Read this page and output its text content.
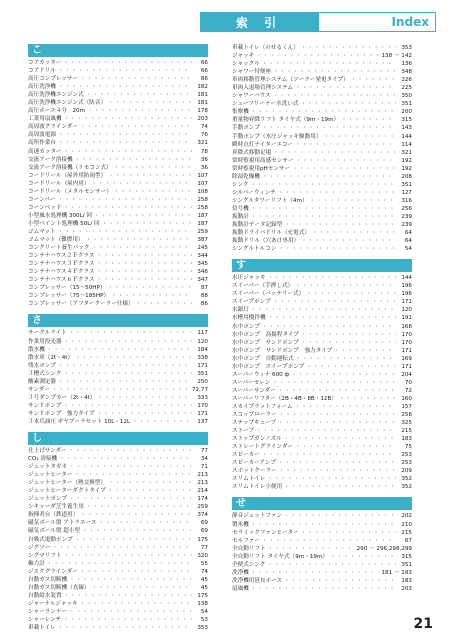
索 引	Index
こ
コアカッター ・・・・・・・・・・・・・・・・・・・・・・・・・・・・・・・・・・・・・・・・・・・・・・	66
コアドリル ・・・・・・・・・・・・・・・・・・・・・・・・・・・・・・・・・・・・・・・・・・・・・・	66
高圧コンプレッサー ・・・・・・・・・・・・・・・・・・・・・・・・・・・・・・・・・・・・・・・・・・・・・・	86
高圧洗浄機 ・・・・・・・・・・・・・・・・・・・・・・・・・・・・・・・・・・・・・・・・・・・・・・	182
高圧洗浄機エンジン式 ・・・・・・・・・・・・・・・・・・・・・・・・・・・・・・・・・・・・・・・・・・・・・・	181
高圧洗浄機エンジン式（防音） ・・・・・・・・・・・・・・・・・・・・・・・・・・・・・・・・・・・・・・・・・・・・・・	181
高圧ホース４分　20m ・・・・・・・・・・・・・・・・・・・・・・・・・・・・・・・・・・・・・・・・・・・・・・	178
工業用扇風機 ・・・・・・・・・・・・・・・・・・・・・・・・・・・・・・・・・・・・・・・・・・・・・・	203
高周波グラインダー ・・・・・・・・・・・・・・・・・・・・・・・・・・・・・・・・・・・・・・・・・・・・・・	74
高周波電源 ・・・・・・・・・・・・・・・・・・・・・・・・・・・・・・・・・・・・・・・・・・・・・・	76
高所作業台 ・・・・・・・・・・・・・・・・・・・・・・・・・・・・・・・・・・・・・・・・・・・・・・	321
高速カッター ・・・・・・・・・・・・・・・・・・・・・・・・・・・・・・・・・・・・・・・・・・・・・・	78
交流アーク溶接機 ・・・・・・・・・・・・・・・・・・・・・・・・・・・・・・・・・・・・・・・・・・・・・・	36
交流アーク溶接機（リモコン式） ・・・・・・・・・・・・・・・・・・・・・・・・・・・・・・・・・・・・・・・・・・・・・・	36
コードリール（屋外用防雨型） ・・・・・・・・・・・・・・・・・・・・・・・・・・・・・・・・・・・・・・・・・・・・・・	107
コードリール（屋内用） ・・・・・・・・・・・・・・・・・・・・・・・・・・・・・・・・・・・・・・・・・・・・・・	107
コードリール（メタルセンサー） ・・・・・・・・・・・・・・・・・・・・・・・・・・・・・・・・・・・・・・・・・・・・・・	108
コーンバー ・・・・・・・・・・・・・・・・・・・・・・・・・・・・・・・・・・・・・・・・・・・・・・	258
コーンベッド ・・・・・・・・・・・・・・・・・・・・・・・・・・・・・・・・・・・・・・・・・・・・・・	258
小型風水処理機 300L/ 回 ・・・・・・・・・・・・・・・・・・・・・・・・・・・・・・・・・・・・・・・・・・・・・・	187
小型ベイント処理機 50L/ 回 ・・・・・・・・・・・・・・・・・・・・・・・・・・・・・・・・・・・・・・・・・・・・・・	187
ゴムマット ・・・・・・・・・・・・・・・・・・・・・・・・・・・・・・・・・・・・・・・・・・・・・・	259
ゴムマット（難燃用） ・・・・・・・・・・・・・・・・・・・・・・・・・・・・・・・・・・・・・・・・・・・・・・	387
コンクリート養生バック ・・・・・・・・・・・・・・・・・・・・・・・・・・・・・・・・・・・・・・・・・・・・・・	245
コンテナハウス２Ｆクラス ・・・・・・・・・・・・・・・・・・・・・・・・・・・・・・・・・・・・・・・・・・・・・・	344
コンテナハウス３Ｆクラス ・・・・・・・・・・・・・・・・・・・・・・・・・・・・・・・・・・・・・・・・・・・・・・	345
コンテナハウス４Ｆクラス ・・・・・・・・・・・・・・・・・・・・・・・・・・・・・・・・・・・・・・・・・・・・・・	346
コンテナハウス６Ｆクラス ・・・・・・・・・・・・・・・・・・・・・・・・・・・・・・・・・・・・・・・・・・・・・・	347
コンプレッサー（15～50HP） ・・・・・・・・・・・・・・・・・・・・・・・・・・・・・・・・・・・・・・・・・・・・・・	87
コンプレッサー（75～185HP） ・・・・・・・・・・・・・・・・・・・・・・・・・・・・・・・・・・・・・・・・・・・・・・	88
コンプレッサー（アフタークーラー仕様） ・・・・・・・・・・・・・・・・・・・・・・・・・・・・・・・・・・・・・・・・・・・・・・	86
さ
サークルライト ・・・・・・・・・・・・・・・・・・・・・・・・・・・・・・・・・・・・・・・・・・・・・・	117
作業用投光器 ・・・・・・・・・・・・・・・・・・・・・・・・・・・・・・・・・・・・・・・・・・・・・・	120
散水機 ・・・・・・・・・・・・・・・・・・・・・・・・・・・・・・・・・・・・・・・・・・・・・・	184
散水車（2t・4t） ・・・・・・・・・・・・・・・・・・・・・・・・・・・・・・・・・・・・・・・・・・・・・・	338
残水ポンプ ・・・・・・・・・・・・・・・・・・・・・・・・・・・・・・・・・・・・・・・・・・・・・・	171
３槽式シンク ・・・・・・・・・・・・・・・・・・・・・・・・・・・・・・・・・・・・・・・・・・・・・・	351
酸素測定器 ・・・・・・・・・・・・・・・・・・・・・・・・・・・・・・・・・・・・・・・・・・・・・・	250
サンダー ・・・・・・・・・・・・・・・・・・・・・・・・・・・・・・・・・・・・・・・・・・・・・・	72,77
３号ダンプカー（2t・4t） ・・・・・・・・・・・・・・・・・・・・・・・・・・・・・・・・・・・・・・・・・・・・・・	333
サンドポンプ ・・・・・・・・・・・・・・・・・・・・・・・・・・・・・・・・・・・・・・・・・・・・・・	170
サンドポンプ　強力タイプ ・・・・・・・・・・・・・・・・・・・・・・・・・・・・・・・・・・・・・・・・・・・・・・	171
３本爪油圧 ギヤプーラセット 10L・12L ・・・・・・・・・・・・・・・・・・・・・・・・・・・・・・・・・・・・・・・・・・・・・・	137
し
仕上げサンダー ・・・・・・・・・・・・・・・・・・・・・・・・・・・・・・・・・・・・・・・・・・・・・・	77
CO₂ 溶接機 ・・・・・・・・・・・・・・・・・・・・・・・・・・・・・・・・・・・・・・・・・・・・・・	34
ジェットタガネ ・・・・・・・・・・・・・・・・・・・・・・・・・・・・・・・・・・・・・・・・・・・・・・	71
ジェットヒーター ・・・・・・・・・・・・・・・・・・・・・・・・・・・・・・・・・・・・・・・・・・・・・・	213
ジェットヒーター（熱交換型） ・・・・・・・・・・・・・・・・・・・・・・・・・・・・・・・・・・・・・・・・・・・・・・	213
ジェットヒーターダクトタイプ ・・・・・・・・・・・・・・・・・・・・・・・・・・・・・・・・・・・・・・・・・・・・・・	214
ジェットポンプ ・・・・・・・・・・・・・・・・・・・・・・・・・・・・・・・・・・・・・・・・・・・・・・	174
シキッーダ芝生養生用 ・・・・・・・・・・・・・・・・・・・・・・・・・・・・・・・・・・・・・・・・・・・・・・	259
指揮者台（鉄道用） ・・・・・・・・・・・・・・・・・・・・・・・・・・・・・・・・・・・・・・・・・・・・・・	374
磁気ボール盤 アトラエース ・・・・・・・・・・・・・・・・・・・・・・・・・・・・・・・・・・・・・・・・・・・・・・	69
磁気ボール盤 超小型 ・・・・・・・・・・・・・・・・・・・・・・・・・・・・・・・・・・・・・・・・・・・・・・	69
自吸式電動ポンプ ・・・・・・・・・・・・・・・・・・・・・・・・・・・・・・・・・・・・・・・・・・・・・・	175
ジグソー ・・・・・・・・・・・・・・・・・・・・・・・・・・・・・・・・・・・・・・・・・・・・・・	77
シグマリフト ・・・・・・・・・・・・・・・・・・・・・・・・・・・・・・・・・・・・・・・・・・・・・・	320
軸力計 ・・・・・・・・・・・・・・・・・・・・・・・・・・・・・・・・・・・・・・・・・・・・・・	55
ジスクグラインダー ・・・・・・・・・・・・・・・・・・・・・・・・・・・・・・・・・・・・・・・・・・・・・・	74
自動ガス切断機 ・・・・・・・・・・・・・・・・・・・・・・・・・・・・・・・・・・・・・・・・・・・・・・	45
自動ガス切断機（直線） ・・・・・・・・・・・・・・・・・・・・・・・・・・・・・・・・・・・・・・・・・・・・・・	45
自動給水装置 ・・・・・・・・・・・・・・・・・・・・・・・・・・・・・・・・・・・・・・・・・・・・・・	175
ジャーナルジャッキ ・・・・・・・・・・・・・・・・・・・・・・・・・・・・・・・・・・・・・・・・・・・・・・	138
シャーランナー ・・・・・・・・・・・・・・・・・・・・・・・・・・・・・・・・・・・・・・・・・・・・・・	54
シャーレンチ ・・・・・・・・・・・・・・・・・・・・・・・・・・・・・・・・・・・・・・・・・・・・・・	53
車載トイレ ・・・・・・・・・・・・・・・・・・・・・・・・・・・・・・・・・・・・・・・・・・・・・・	353
車載トイレ（のせるくん） ・・・・・・・・・・・・・・・・・・・・・・・・・・・・・・・・・・・・・・・・・・・・・・	353
ジャッキ ・・・・・・・・・・・・・・・・・・・・・・・・・・・・・・・・・・・・・・・・・・・・・・	138 ～ 142
シャックル ・・・・・・・・・・・・・・・・・・・・・・・・・・・・・・・・・・・・・・・・・・・・・・	136
シャワー付便座 ・・・・・・・・・・・・・・・・・・・・・・・・・・・・・・・・・・・・・・・・・・・・・・	348
車両移動管理システム（ソーラー発電タイプ） ・・・・・・・・・・・・・・・・・・・・・・・・・・・・・・・・・・・・・・・・・・・・・・	226
車両入退場管理システム ・・・・・・・・・・・・・・・・・・・・・・・・・・・・・・・・・・・・・・・・・・・・・・	225
シャワーハウス ・・・・・・・・・・・・・・・・・・・・・・・・・・・・・・・・・・・・・・・・・・・・・・	350
シューフリーナー水洗い式 ・・・・・・・・・・・・・・・・・・・・・・・・・・・・・・・・・・・・・・・・・・・・・・	351
集塵機 ・・・・・・・・・・・・・・・・・・・・・・・・・・・・・・・・・・・・・・・・・・・・・・	200
重量物昇降リフト タイヤ式（9m・19m） ・・・・・・・・・・・・・・・・・・・・・・・・・・・・・・・・・・・・・・・・・・・・・・	315
手動ポンプ ・・・・・・・・・・・・・・・・・・・・・・・・・・・・・・・・・・・・・・・・・・・・・・	143
手動ポンプ（水圧ジャッキ駆動用） ・・・・・・・・・・・・・・・・・・・・・・・・・・・・・・・・・・・・・・・・・・・・・・	144
瞬時点灯ナイターエコー ・・・・・・・・・・・・・・・・・・・・・・・・・・・・・・・・・・・・・・・・・・・・・・	114
昇降式移動足場 ・・・・・・・・・・・・・・・・・・・・・・・・・・・・・・・・・・・・・・・・・・・・・・	321
常時監視用高感センサー ・・・・・・・・・・・・・・・・・・・・・・・・・・・・・・・・・・・・・・・・・・・・・・	192
常時監視用pHセンサー ・・・・・・・・・・・・・・・・・・・・・・・・・・・・・・・・・・・・・・・・・・・・・・	192
除湿乾燥機 ・・・・・・・・・・・・・・・・・・・・・・・・・・・・・・・・・・・・・・・・・・・・・・	208
シンク ・・・・・・・・・・・・・・・・・・・・・・・・・・・・・・・・・・・・・・・・・・・・・・	351
シルバーウィンチ ・・・・・・・・・・・・・・・・・・・・・・・・・・・・・・・・・・・・・・・・・・・・・・	127
シングルタワーリフト（4m） ・・・・・・・・・・・・・・・・・・・・・・・・・・・・・・・・・・・・・・・・・・・・・・	316
信号機 ・・・・・・・・・・・・・・・・・・・・・・・・・・・・・・・・・・・・・・・・・・・・・・	256
振動計 ・・・・・・・・・・・・・・・・・・・・・・・・・・・・・・・・・・・・・・・・・・・・・・	239
振動計データ記録型 ・・・・・・・・・・・・・・・・・・・・・・・・・・・・・・・・・・・・・・・・・・・・・・	239
振動ドライバドリル（充電式） ・・・・・・・・・・・・・・・・・・・・・・・・・・・・・・・・・・・・・・・・・・・・・・	64
振動ドリル（穴あけ専用） ・・・・・・・・・・・・・・・・・・・・・・・・・・・・・・・・・・・・・・・・・・・・・・	64
シングルトルコン ・・・・・・・・・・・・・・・・・・・・・・・・・・・・・・・・・・・・・・・・・・・・・・	54
す
水圧ジャッキ ・・・・・・・・・・・・・・・・・・・・・・・・・・・・・・・・・・・・・・・・・・・・・・	144
スイーパー（手押し式） ・・・・・・・・・・・・・・・・・・・・・・・・・・・・・・・・・・・・・・・・・・・・・・	196
スイーパー（バッテリー式） ・・・・・・・・・・・・・・・・・・・・・・・・・・・・・・・・・・・・・・・・・・・・・・	196
スイープポンプ ・・・・・・・・・・・・・・・・・・・・・・・・・・・・・・・・・・・・・・・・・・・・・・	171
水銀灯 ・・・・・・・・・・・・・・・・・・・・・・・・・・・・・・・・・・・・・・・・・・・・・・	120
水槽用攪拌機 ・・・・・・・・・・・・・・・・・・・・・・・・・・・・・・・・・・・・・・・・・・・・・・	191
水中ポンプ ・・・・・・・・・・・・・・・・・・・・・・・・・・・・・・・・・・・・・・・・・・・・・・	168
水中ポンプ　高揚程タイプ ・・・・・・・・・・・・・・・・・・・・・・・・・・・・・・・・・・・・・・・・・・・・・・	170
水中ポンプ　サンドポンプ ・・・・・・・・・・・・・・・・・・・・・・・・・・・・・・・・・・・・・・・・・・・・・・	170
水中ポンプ　サンドポンプ　強力タイプ ・・・・・・・・・・・・・・・・・・・・・・・・・・・・・・・・・・・・・・・・・・・・・・	171
水中ポンプ　自動運転式 ・・・・・・・・・・・・・・・・・・・・・・・・・・・・・・・・・・・・・・・・・・・・・・	169
水中ポンプ　スイープポンプ ・・・・・・・・・・・・・・・・・・・・・・・・・・・・・・・・・・・・・・・・・・・・・・	171
スーパーウィナ 600 ф ・・・・・・・・・・・・・・・・・・・・・・・・・・・・・・・・・・・・・・・・・・・・・・	204
スーパーセレン ・・・・・・・・・・・・・・・・・・・・・・・・・・・・・・・・・・・・・・・・・・・・・・	70
スーパーサンダー ・・・・・・・・・・・・・・・・・・・・・・・・・・・・・・・・・・・・・・・・・・・・・・	72
スーパーリフター（2B・4B・8B・12B） ・・・・・・・・・・・・・・・・・・・・・・・・・・・・・・・・・・・・・・・・・・・・・・	160
スカイプラットフォーム ・・・・・・・・・・・・・・・・・・・・・・・・・・・・・・・・・・・・・・・・・・・・・・	157
スコップローラー ・・・・・・・・・・・・・・・・・・・・・・・・・・・・・・・・・・・・・・・・・・・・・・	258
ステップキューブ ・・・・・・・・・・・・・・・・・・・・・・・・・・・・・・・・・・・・・・・・・・・・・・	325
ストーブ ・・・・・・・・・・・・・・・・・・・・・・・・・・・・・・・・・・・・・・・・・・・・・・	215
ストップガンノズル ・・・・・・・・・・・・・・・・・・・・・・・・・・・・・・・・・・・・・・・・・・・・・・	183
ストレートグラインダー ・・・・・・・・・・・・・・・・・・・・・・・・・・・・・・・・・・・・・・・・・・・・・・	75
スピーカー ・・・・・・・・・・・・・・・・・・・・・・・・・・・・・・・・・・・・・・・・・・・・・・	253
スピーカーアンプ ・・・・・・・・・・・・・・・・・・・・・・・・・・・・・・・・・・・・・・・・・・・・・・	253
スポットクーラー ・・・・・・・・・・・・・・・・・・・・・・・・・・・・・・・・・・・・・・・・・・・・・・	209
スリムトイレ ・・・・・・・・・・・・・・・・・・・・・・・・・・・・・・・・・・・・・・・・・・・・・・	352
スリムトイレ小便用 ・・・・・・・・・・・・・・・・・・・・・・・・・・・・・・・・・・・・・・・・・・・・・・	352
せ
静音ジェットファン ・・・・・・・・・・・・・・・・・・・・・・・・・・・・・・・・・・・・・・・・・・・・・・	202
製氷機 ・・・・・・・・・・・・・・・・・・・・・・・・・・・・・・・・・・・・・・・・・・・・・・	210
セラミックファンヒーター ・・・・・・・・・・・・・・・・・・・・・・・・・・・・・・・・・・・・・・・・・・・・・・	215
セルファー ・・・・・・・・・・・・・・・・・・・・・・・・・・・・・・・・・・・・・・・・・・・・・・	67
全自動リフト ・・・・・・・・・・・・・・・・・・・・・・・・・・・・・・・・・・・・・・・・・・・・・・	290 ～ 296,298,299
全自動リフト タイヤ式（9m・19m） ・・・・・・・・・・・・・・・・・・・・・・・・・・・・・・・・・・・・・・・・・・・・・・	315
全便式シンク ・・・・・・・・・・・・・・・・・・・・・・・・・・・・・・・・・・・・・・・・・・・・・・	351
洗浄機 ・・・・・・・・・・・・・・・・・・・・・・・・・・・・・・・・・・・・・・・・・・・・・・	181 ～ 183
洗浄機用延長ホース ・・・・・・・・・・・・・・・・・・・・・・・・・・・・・・・・・・・・・・・・・・・・・・	183
扇風機 ・・・・・・・・・・・・・・・・・・・・・・・・・・・・・・・・・・・・・・・・・・・・・・	203
21
